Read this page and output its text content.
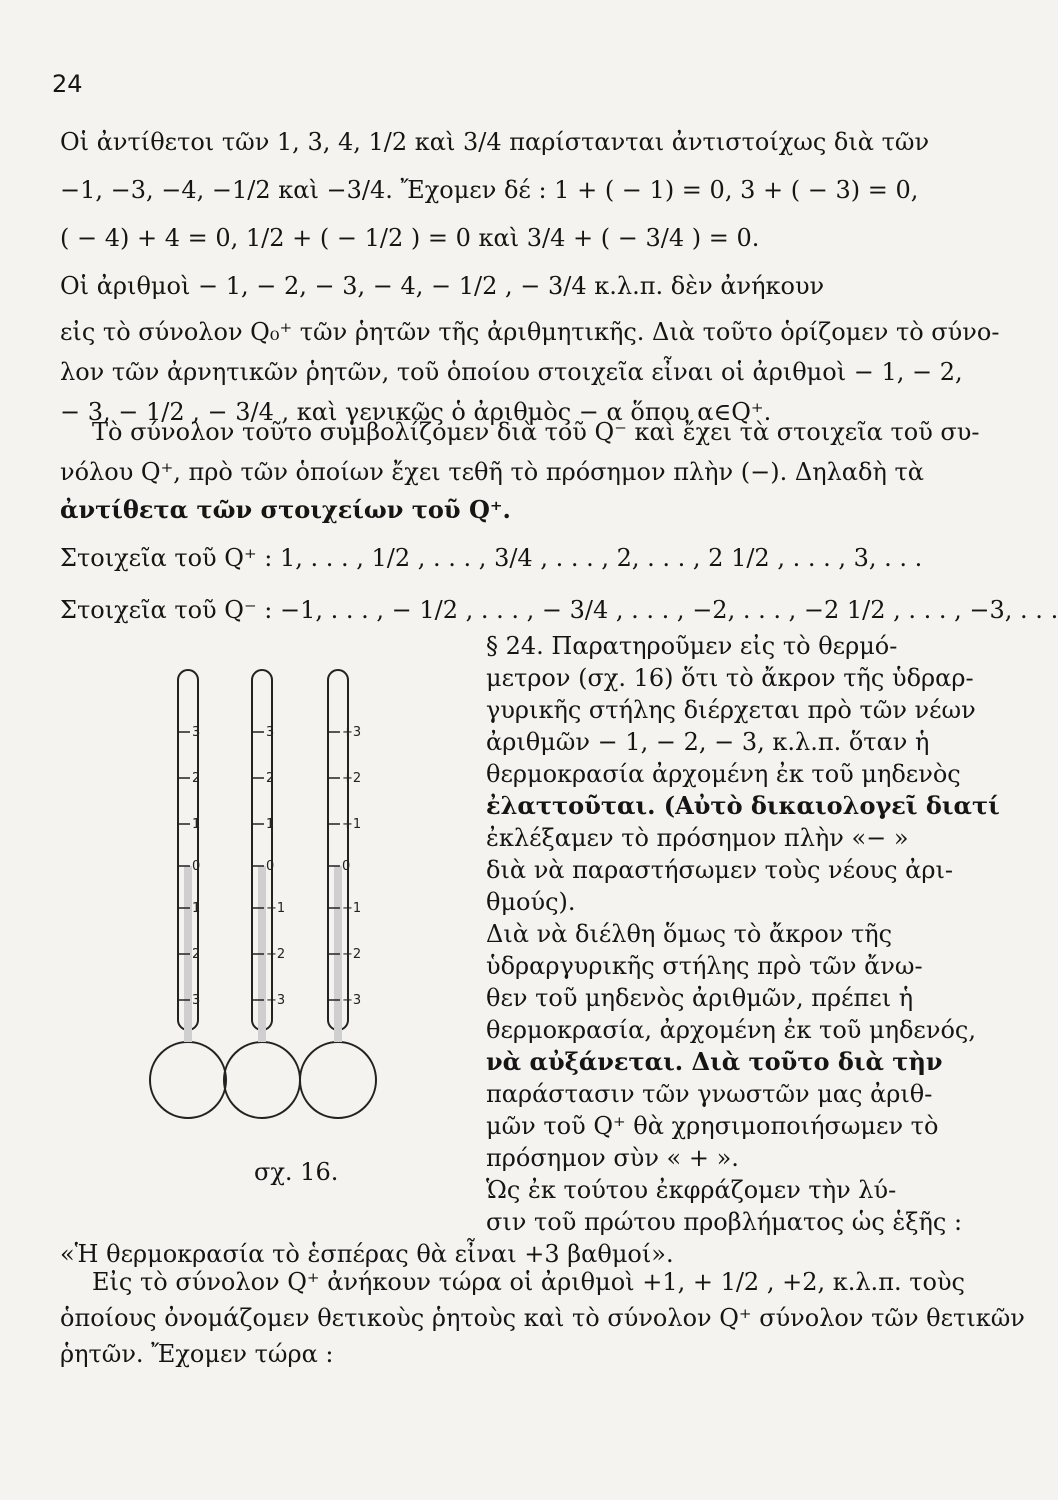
24
Οἱ ἀντίθετοι τῶν 1, 3, 4, 1/2 καὶ 3/4 παρίστανται ἀντιστοίχως διὰ τῶν
−1, −3, −4, −1/2 καὶ −3/4. Ἔχομεν δέ : 1 + ( − 1) = 0, 3 + ( − 3) = 0,
( − 4) + 4 = 0, 1/2 + ( − 1/2 ) = 0 καὶ 3/4 + ( − 3/4 ) = 0.
Οἱ ἀριθμοὶ − 1, − 2, − 3, − 4, − 1/2 , − 3/4 κ.λ.π. δὲν ἀνήκουν
εἰς τὸ σύνολον Q₀⁺ τῶν ῥητῶν τῆς ἀριθμητικῆς. Διὰ τοῦτο ὁρίζομεν τὸ σύνο-
λον τῶν ἀρνητικῶν ῥητῶν, τοῦ ὁποίου στοιχεῖα εἶναι οἱ ἀριθμοὶ − 1, − 2,
− 3, − 1/2 , − 3/4 , καὶ γενικῶς ὁ ἀριθμὸς − α ὅπου α∈Q⁺.
Τὸ σύνολον τοῦτο συμβολίζομεν διὰ τοῦ Q⁻ καὶ ἔχει τὰ στοιχεῖα τοῦ συ-
νόλου Q⁺, πρὸ τῶν ὁποίων ἔχει τεθῆ τὸ πρόσημον πλὴν (−). Δηλαδὴ τὰ
ἀντίθετα τῶν στοιχείων τοῦ Q⁺.
Στοιχεῖα τοῦ Q⁺ : 1, . . . , 1/2 , . . . , 3/4 , . . . , 2, . . . , 2 1/2 , . . . , 3, . . .
Στοιχεῖα τοῦ Q⁻ : −1, . . . , − 1/2 , . . . , − 3/4 , . . . , −2, . . . , −2 1/2 , . . . , −3, . . .
§ 24. Παρατηροῦμεν εἰς τὸ θερμό-
μετρον (σχ. 16) ὅτι τὸ ἄκρον τῆς ὑδραρ-
γυρικῆς στήλης διέρχεται πρὸ τῶν νέων
ἀριθμῶν − 1, − 2, − 3, κ.λ.π. ὅταν ἡ
θερμοκρασία ἀρχομένη ἐκ τοῦ μηδενὸς
ἐλαττοῦται. (Αὐτὸ δικαιολογεῖ διατί
ἐκλέξαμεν τὸ πρόσημον πλὴν «− »
διὰ νὰ παραστήσωμεν τοὺς νέους ἀρι-
θμούς).
Διὰ νὰ διέλθη ὅμως τὸ ἄκρον τῆς
ὑδραργυρικῆς στήλης πρὸ τῶν ἄνω-
θεν τοῦ μηδενὸς ἀριθμῶν, πρέπει ἡ
θερμοκρασία, ἀρχομένη ἐκ τοῦ μηδενός,
νὰ αὐξάνεται. Διὰ τοῦτο διὰ τὴν
παράστασιν τῶν γνωστῶν μας ἀριθ-
μῶν τοῦ Q⁺ θὰ χρησιμοποιήσωμεν τὸ
πρόσημον σὺν « + ».
Ὡς ἐκ τούτου ἐκφράζομεν τὴν λύ-
σιν τοῦ πρώτου προβλήματος ὡς ἑξῆς :
3
2
1
0
1
2
3
3
2
1
0
−1
−2
−3
+3
+2
+1
0
−1
−2
−3
σχ. 16.
«Ἡ θερμοκρασία τὸ ἑσπέρας θὰ εἶναι +3 βαθμοί».
Εἰς τὸ σύνολον Q⁺ ἀνήκουν τώρα οἱ ἀριθμοὶ +1, + 1/2 , +2, κ.λ.π. τοὺς
ὁποίους ὀνομάζομεν θετικοὺς ῥητοὺς καὶ τὸ σύνολον Q⁺ σύνολον τῶν θετικῶν
ῥητῶν. Ἔχομεν τώρα :
